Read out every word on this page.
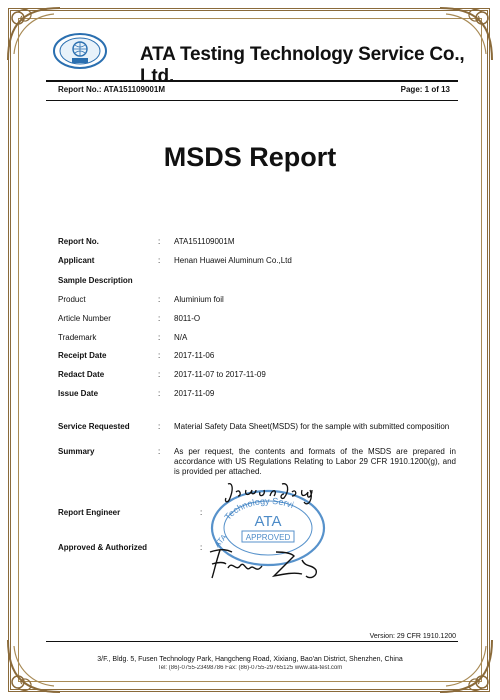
ATA Testing Technology Service Co., Ltd.
Report No.: ATA151109001M	Page: 1 of 13
MSDS Report
Report No.	:	ATA151109001M
Applicant	:	Henan Huawei Aluminum Co.,Ltd
Sample Description
Product	:	Aluminium foil
Article Number	:	8011-O
Trademark	:	N/A
Receipt Date	:	2017-11-06
Redact Date	:	2017-11-07 to 2017-11-09
Issue Date	:	2017-11-09
Service Requested	:	Material Safety Data Sheet(MSDS) for the sample with submitted composition
Summary	:	As per request, the contents and formats of the MSDS are prepared in accordance with US Regulations Relating to Labor 29 CFR 1910.1200(g), and is provided per attached.
Report Engineer	:
Approved & Authorized	:
Technology Servi
ATA
APPROVED
ATA
Version: 29 CFR 1910.1200
3/F., Bldg. 5, Fusen Technology Park, Hangcheng Road, Xixiang, Bao'an District, Shenzhen, China
Tel: (86)-0755-23498786 Fax: (86)-0755-29765125 www.ata-test.com
